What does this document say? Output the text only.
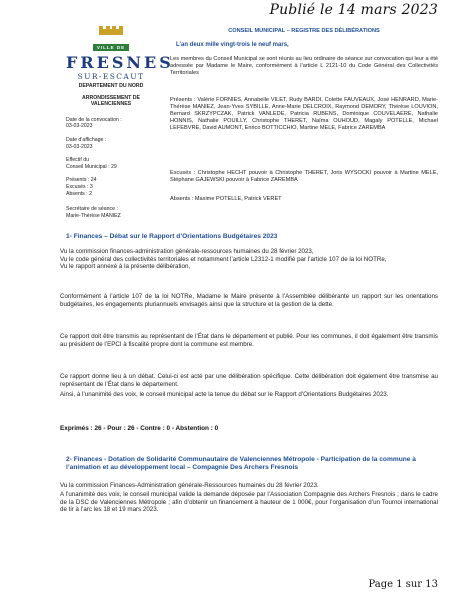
Publié le 14 mars 2023
VILLE DE
FRESNES
SUR-ESCAUT

DEPARTEMENT DU NORD

ARRONDISSEMENT DE VALENCIENNES

Date de la convocation :

03-03-2023

Date d’affichage :

03-03-2023

Effectif du

Conseil Municipal : 29

Présents : 24

Excusés : 3

Absents : 2

Secrétaire de séance :

Marie-Thérèse MANIEZ

CONSEIL MUNICIPAL – REGISTRE DES DÉLIBÉRATIONS
L’an deux mille vingt-trois le neuf mars,
Les membres du Conseil Municipal se sont réunis au lieu ordinaire de séance sur convocation qui leur a été adressée par Madame le Maire, conformément à l’article L 2121-10 du Code Général des Collectivités Territoriales
Présents : Valérie FORNIES, Annabelle VILET, Rudy BARDI, Colette FAUVEAUX, José HENRARD, Marie-Thérèse MANIEZ, Jean-Yves SYBILLE, Anne-Marie DELCROIX, Raymond DEMORY, Thérèse LOUVION, Bernard SKRZYPCZAK, Patrick VANLEDE, Patricia RUBENS, Dominique COUVELAERE, Nathalie HONNIS, Nathalie POUILLY, Christophe THERET, Naïma OUHOUD, Magaly POTELLE, Michael LEFEBVRE, David AUMONT, Enrico BOTTICCHIO, Martine MELE, Fabrice ZAREMBA
Excusés : Christophe HECHT pouvoir à Christophe THERET, Joris WYSOCKI pouvoir à Martine MELE, Stéphane GAJEWSKI pouvoir à Fabrice ZAREMBA
Absents : Maxime POTELLE, Patrick VERET
1- Finances – Débat sur le Rapport d’Orientations Budgétaires 2023

Vu la commission finances-administration générale-ressources humaines du 28 février 2023,

Vu le code général des collectivités territoriales et notamment l’article L2312-1 modifié par l’article 107 de la loi NOTRe,

Vu le rapport annexé à la présente délibération,

Conformément à l’article 107 de la loi NOTRe, Madame le Maire présente à l’Assemblée délibérante un rapport sur les orientations budgétaires, les engagements pluriannuels envisagés ainsi que la structure et la gestion de la dette.
Ce rapport doit être transmis au représentant de l’État dans le département et publié. Pour les communes, il doit également être transmis au président de l’EPCI à fiscalité propre dont la commune est membre.
Ce rapport donne lieu à un débat. Celui-ci est acté par une délibération spécifique. Cette délibération doit également être transmise au représentant de l’État dans le département.
Ainsi, à l’unanimité des voix, le conseil municipal acte la tenue du débat sur le Rapport d’Orientations Budgétaires 2023.
Exprimés : 26 - Pour : 26 - Contre : 0 - Abstention : 0
2- Finances - Dotation de Solidarité Communautaire de Valenciennes Métropole - Participation de la commune à l’animation et au développement local – Compagnie Des Archers Fresnois
Vu la commission Finances-Administration générale-Ressources humaines du 28 février 2023.
A l’unanimité des voix, le conseil municipal valide la demande déposée par l’Association Compagnie des Archers Fresnois ; dans le cadre de la DSC de Valenciennes Métropole ; afin d’obtenir un financement à hauteur de 1 000€, pour l’organisation d’un Tournoi international de tir à l’arc les 18 et 19 mars 2023.
Page 1 sur 13
